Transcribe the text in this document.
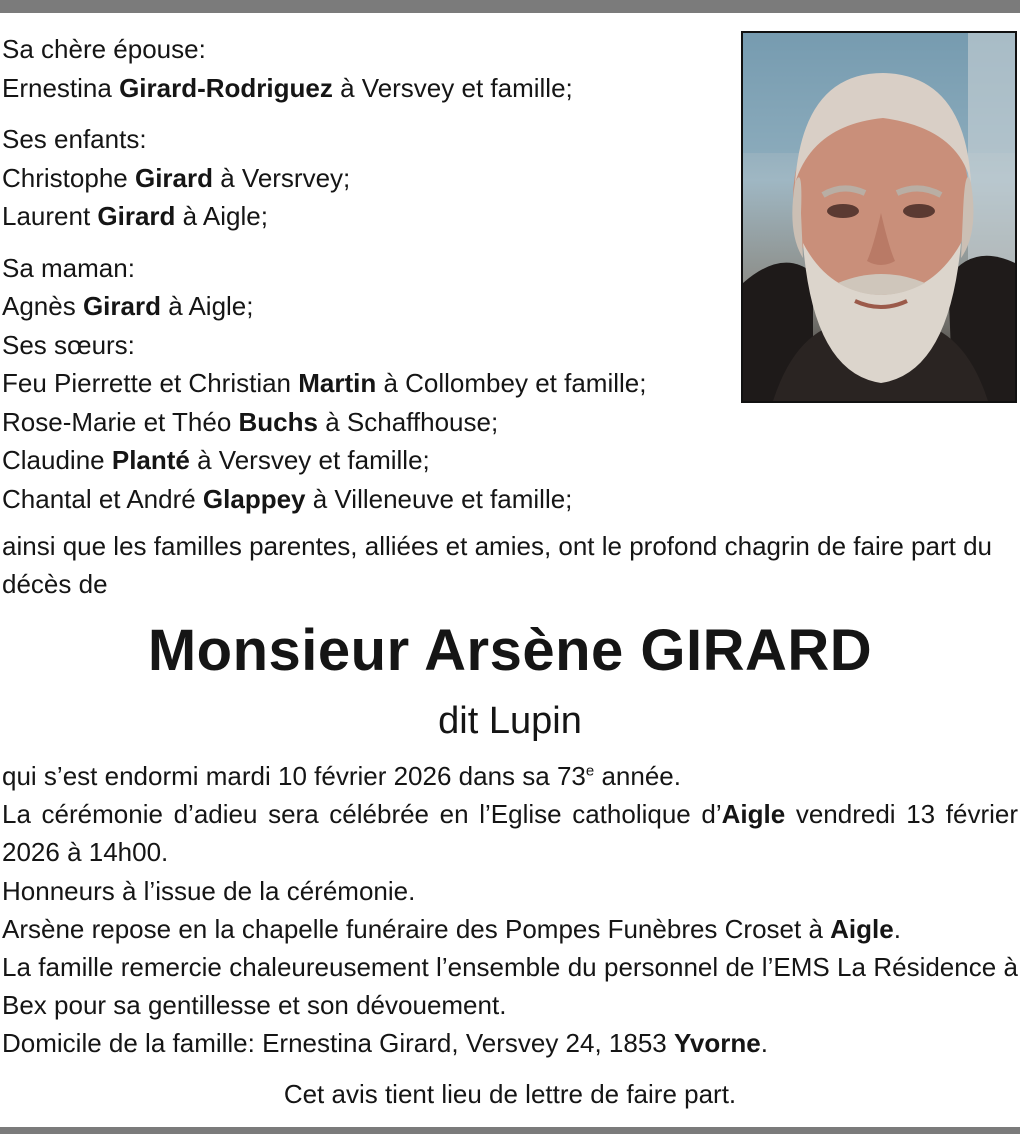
Sa chère épouse:

Ernestina Girard-Rodriguez à Versvey et famille;

Ses enfants:

Christophe Girard à Versrvey;

Laurent Girard à Aigle;

Sa maman:

Agnès Girard à Aigle;

Ses sœurs:

Feu Pierrette et Christian Martin à Collombey et famille;

Rose-Marie et Théo Buchs à Schaffhouse;

Claudine Planté à Versvey et famille;

Chantal et André Glappey à Villeneuve et famille;

ainsi que les familles parentes, alliées et amies, ont le profond chagrin de faire part du décès de

Monsieur Arsène GIRARD

dit Lupin

qui s’est endormi mardi 10 février 2026 dans sa 73e année.

La cérémonie d’adieu sera célébrée en l’Eglise catholique d’Aigle vendredi 13 février 2026 à 14h00.

Honneurs à l’issue de la cérémonie.

Arsène repose en la chapelle funéraire des Pompes Funèbres Croset à Aigle.

La famille remercie chaleureusement l’ensemble du personnel de l’EMS La Résidence à Bex pour sa gentillesse et son dévouement.

Domicile de la famille: Ernestina Girard, Versvey 24, 1853 Yvorne.

Cet avis tient lieu de lettre de faire part.
